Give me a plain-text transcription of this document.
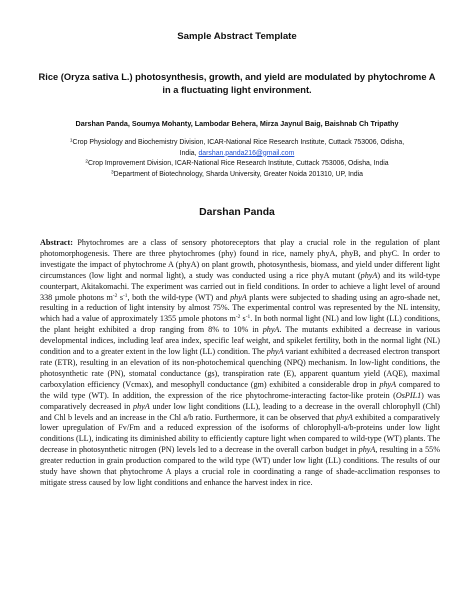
Sample Abstract Template
Rice (Oryza sativa L.) photosynthesis, growth, and yield are modulated by phytochrome A
in a fluctuating light environment.
Darshan Panda, Soumya Mohanty, Lambodar Behera, Mirza Jaynul Baig, Baishnab Ch Tripathy
$^1$Crop Physiology and Biochemistry Division, ICAR-National Rice Research Institute, Cuttack 753006, Odisha,
India, darshan.panda216@gmail.com
$^2$Crop Improvement Division, ICAR-National Rice Research Institute, Cuttack 753006, Odisha, India
$^3$Department of Biotechnology, Sharda University, Greater Noida 201310, UP, India
Darshan Panda

Abstract: Phytochromes are a class of sensory photoreceptors that play a crucial role in the regulation of plant photomorphogenesis. There are three phytochromes (phy) found in rice, namely phyA, phyB, and phyC. In order to investigate the impact of phytochrome A (phyA) on plant growth, photosynthesis, biomass, and yield under different light circumstances (low light and normal light), a study was conducted using a rice phyA mutant (phyA) and its wild-type counterpart, Akitakomachi. The experiment was carried out in field conditions. In order to achieve a light level of around 338 µmole photons $m^{-2}$ $s^{-1}$, both the wild-type (WT) and phyA plants were subjected to shading using an agro-shade net, resulting in a reduction of light intensity by almost 75%. The experimental control was represented by the NL intensity, which had a value of approximately 1355 µmole photons $m^{-2}$ $s^{-1}$. In both normal light (NL) and low light (LL) conditions, the plant height exhibited a drop ranging from 8% to 10% in phyA. The mutants exhibited a decrease in various developmental indices, including leaf area index, specific leaf weight, and spikelet fertility, both in the normal light (NL) condition and to a greater extent in the low light (LL) condition. The phyA variant exhibited a decreased electron transport rate (ETR), resulting in an elevation of its non-photochemical quenching (NPQ) mechanism. In low-light conditions, the photosynthetic rate (PN), stomatal conductance (gs), transpiration rate (E), apparent quantum yield (AQE), maximal carboxylation efficiency (Vcmax), and mesophyll conductance (gm) exhibited a considerable drop in phyA compared to the wild type (WT). In addition, the expression of the rice phytochrome-interacting factor-like protein (OsPIL1) was comparatively decreased in phyA under low light conditions (LL), leading to a decrease in the overall chlorophyll (Chl) and Chl b levels and an increase in the Chl a/b ratio. Furthermore, it can be observed that phyA exhibited a comparatively lower upregulation of Fv/Fm and a reduced expression of the isoforms of chlorophyll-a/b-proteins under low light conditions (LL), indicating its diminished ability to efficiently capture light when compared to wild-type (WT) plants. The decrease in photosynthetic nitrogen (PN) levels led to a decrease in the overall carbon budget in phyA, resulting in a 55% greater reduction in grain production compared to the wild type (WT) under low light (LL) conditions. The results of our study have shown that phytochrome A plays a crucial role in coordinating a range of shade-acclimation responses to mitigate stress caused by low light conditions and enhance the harvest index in rice.
